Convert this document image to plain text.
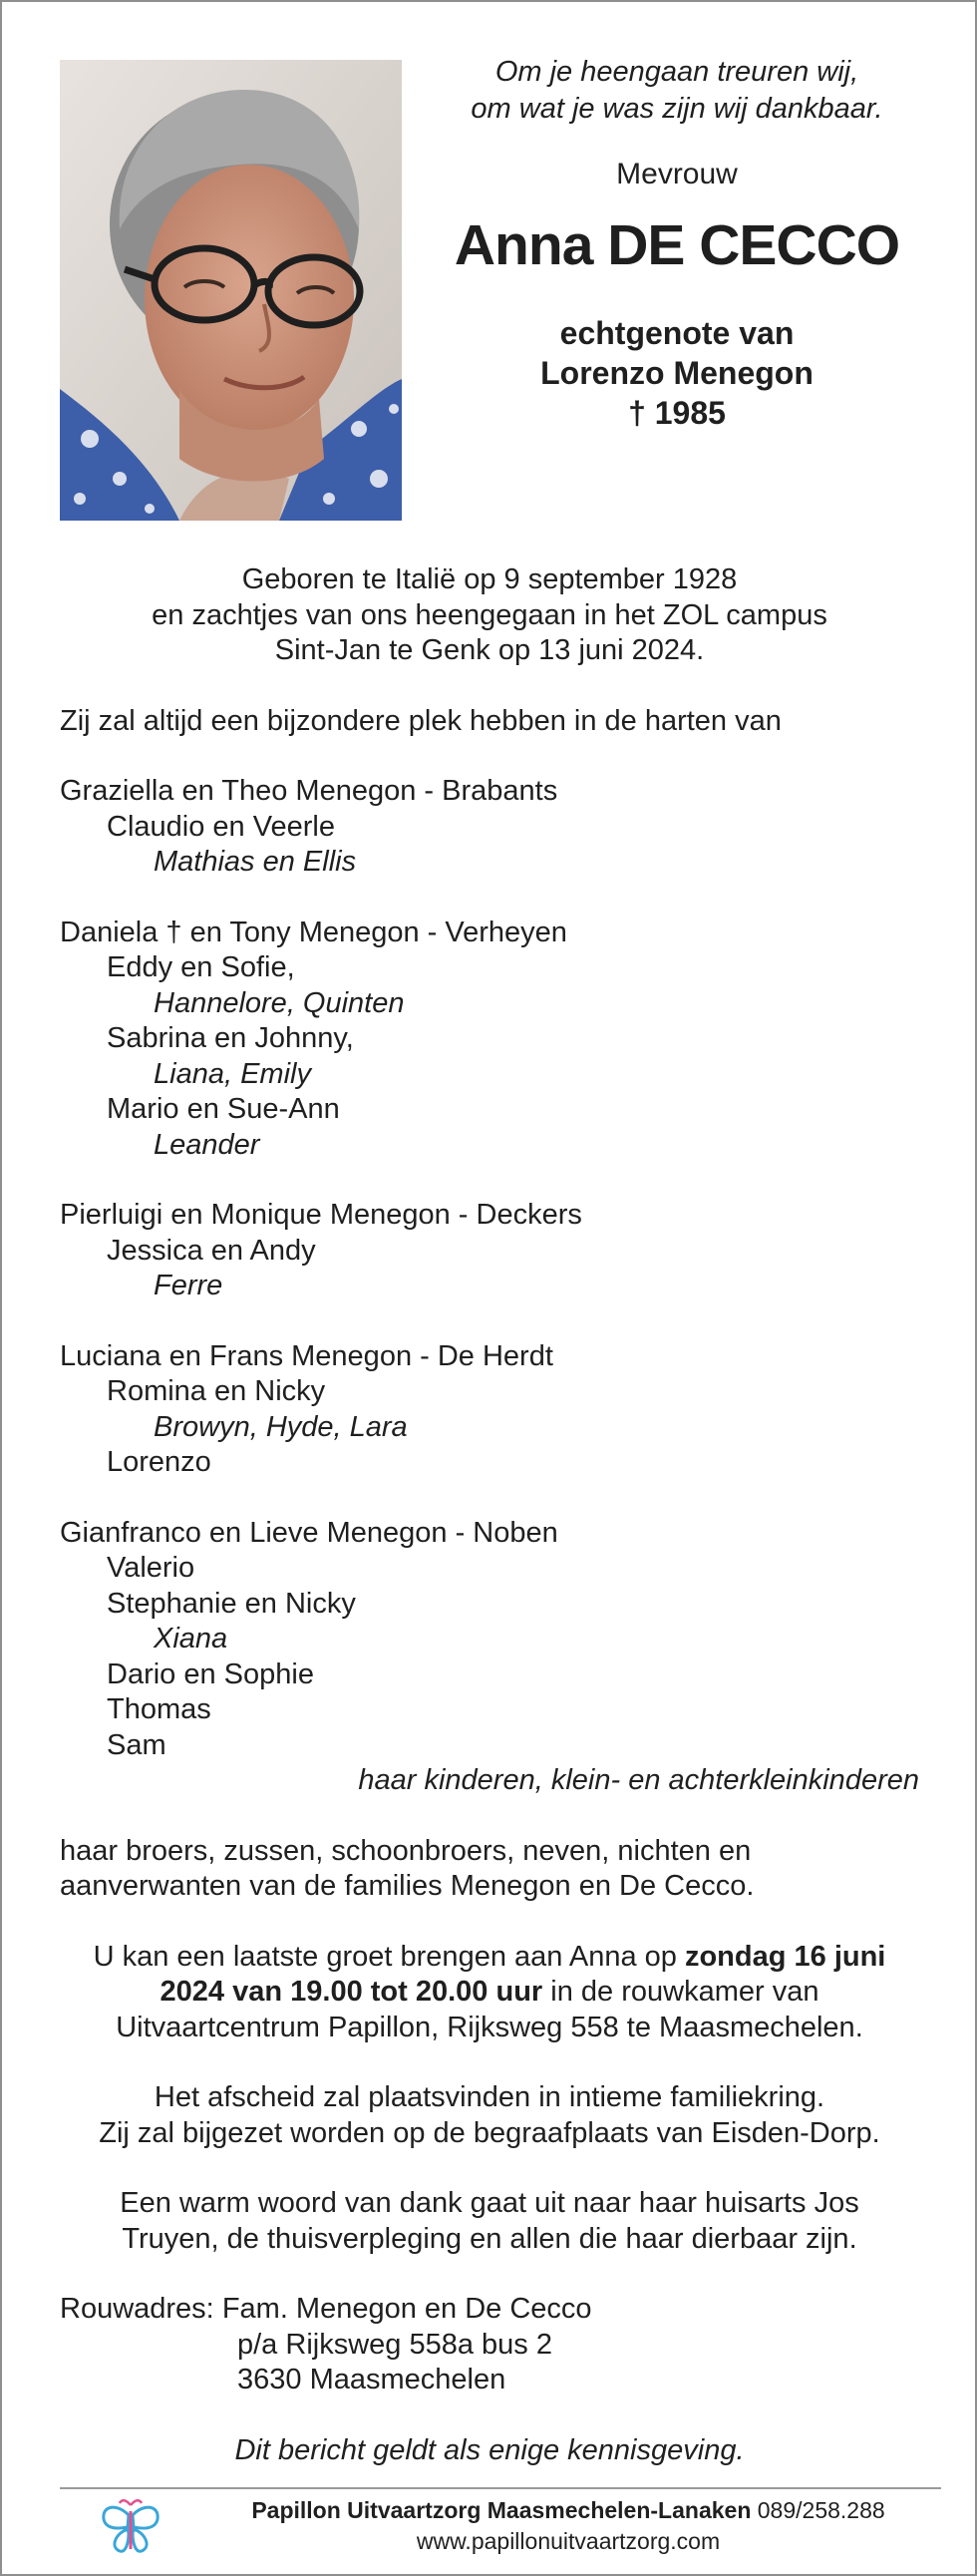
Om je heengaan treuren wij,

om wat je was zijn wij dankbaar.

Mevrouw

Anna DE CECCO

echtgenote van
Lorenzo Menegon
† 1985

Geboren te Italië op 9 september 1928

en zachtjes van ons heengegaan in het ZOL campus

Sint-Jan te Genk op 13 juni 2024.

Zij zal altijd een bijzondere plek hebben in de harten van

Graziella en Theo Menegon - Brabants

Claudio en Veerle

Mathias en Ellis

Daniela † en Tony Menegon - Verheyen

Eddy en Sofie,

Hannelore, Quinten

Sabrina en Johnny,

Liana, Emily

Mario en Sue-Ann

Leander

Pierluigi en Monique Menegon - Deckers

Jessica en Andy

Ferre

Luciana en Frans Menegon - De Herdt

Romina en Nicky

Browyn, Hyde, Lara

Lorenzo

Gianfranco en Lieve Menegon - Noben

Valerio

Stephanie en Nicky

Xiana

Dario en Sophie

Thomas

Sam

haar kinderen, klein- en achterkleinkinderen

haar broers, zussen, schoonbroers, neven, nichten en

aanverwanten van de families Menegon en De Cecco.

U kan een laatste groet brengen aan Anna op zondag 16 juni

2024 van 19.00 tot 20.00 uur in de rouwkamer van

Uitvaartcentrum Papillon, Rijksweg 558 te Maasmechelen.

Het afscheid zal plaatsvinden in intieme familiekring.

Zij zal bijgezet worden op de begraafplaats van Eisden-Dorp.

Een warm woord van dank gaat uit naar haar huisarts Jos

Truyen, de thuisverpleging en allen die haar dierbaar zijn.

Rouwadres: Fam. Menegon en De Cecco

p/a Rijksweg 558a bus 2

3630 Maasmechelen

Dit bericht geldt als enige kennisgeving.

Papillon Uitvaartzorg Maasmechelen-Lanaken 089/258.288
www.papillonuitvaartzorg.com
